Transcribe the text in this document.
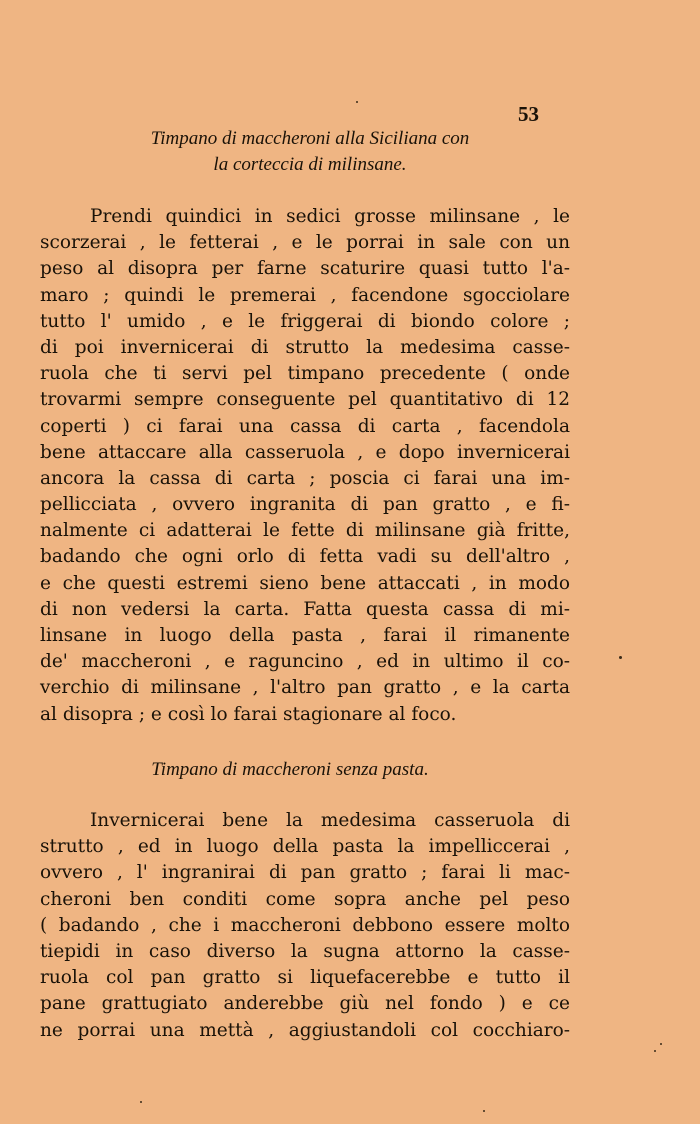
53
Timpano di maccheroni alla Siciliana con
la corteccia di milinsane.
Prendi quindici in sedici grosse milinsane , le
scorzerai , le fetterai , e le porrai in sale con un
peso al disopra per farne scaturire quasi tutto l'a-
maro ; quindi le premerai , facendone sgocciolare
tutto l' umido , e le friggerai di biondo colore ;
di poi invernicerai di strutto la medesima casse-
ruola che ti servi pel timpano precedente ( onde
trovarmi sempre conseguente pel quantitativo di 12
coperti ) ci farai una cassa di carta , facendola
bene attaccare alla casseruola , e dopo invernicerai
ancora la cassa di carta ; poscia ci farai una im-
pellicciata , ovvero ingranita di pan gratto , e fi-
nalmente ci adatterai le fette di milinsane già fritte,
badando che ogni orlo di fetta vadi su dell'altro ,
e che questi estremi sieno bene attaccati , in modo
di non vedersi la carta. Fatta questa cassa di mi-
linsane in luogo della pasta , farai il rimanente
de' maccheroni , e raguncino , ed in ultimo il co-
verchio di milinsane , l'altro pan gratto , e la carta
al disopra ; e così lo farai stagionare al foco.
Timpano di maccheroni senza pasta.
Invernicerai bene la medesima casseruola di
strutto , ed in luogo della pasta la impelliccerai ,
ovvero , l' ingranirai di pan gratto ; farai li mac-
cheroni ben conditi come sopra anche pel peso
( badando , che i maccheroni debbono essere molto
tiepidi in caso diverso la sugna attorno la casse-
ruola col pan gratto si liquefacerebbe e tutto il
pane grattugiato anderebbe giù nel fondo ) e ce
ne porrai una mettà , aggiustandoli col cocchiaro-
